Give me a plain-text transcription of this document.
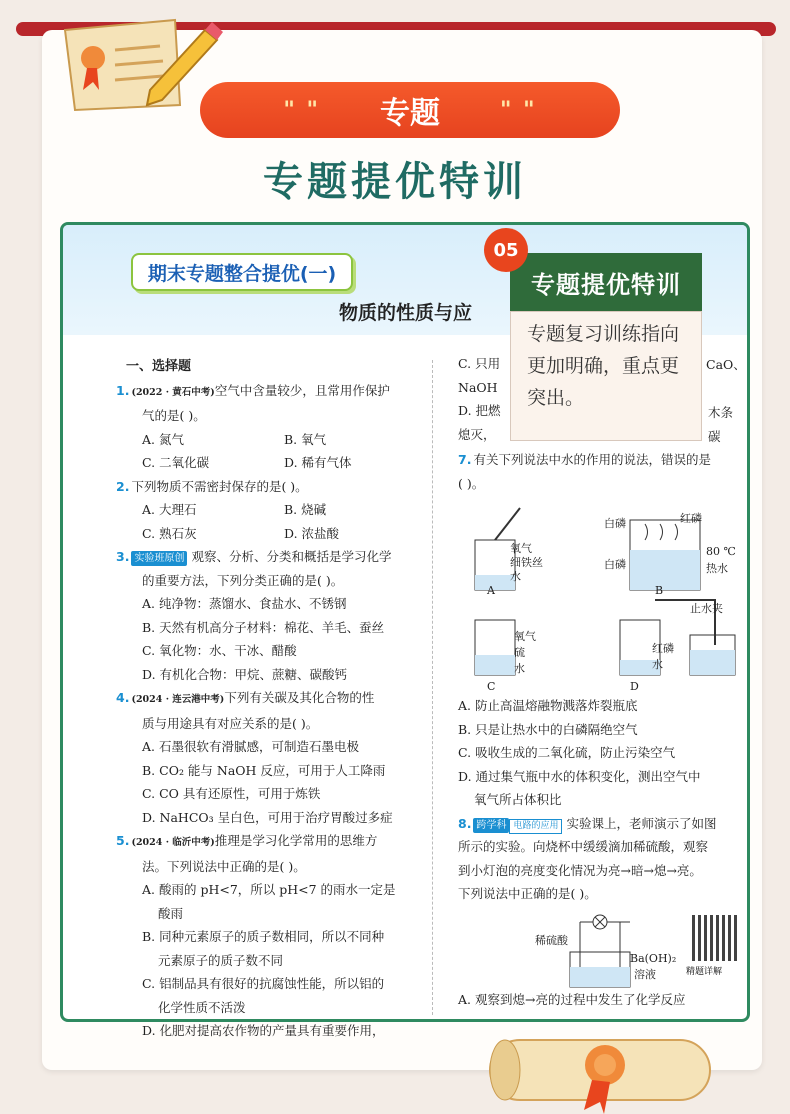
" " 专题	" "
专题提优特训
期末专题整合提优(一)
物质的性质与应
05
专题提优特训
专题复习训练指向更加明确，重点更突出。
一、选择题
1. (2022 · 黄石中考)空气中含量较少，且常用作保护
气的是( )。
A. 氮气	B. 氧气
C. 二氧化碳	D. 稀有气体
2. 下列物质不需密封保存的是( )。
A. 大理石	B. 烧碱
C. 熟石灰	D. 浓盐酸
3. 实验班原创 观察、分析、分类和概括是学习化学
的重要方法，下列分类正确的是( )。
A. 纯净物：蒸馏水、食盐水、不锈钢
B. 天然有机高分子材料：棉花、羊毛、蚕丝
C. 氧化物：水、干冰、醋酸
D. 有机化合物：甲烷、蔗糖、碳酸钙
4. (2024 · 连云港中考)下列有关碳及其化合物的性
质与用途具有对应关系的是( )。
A. 石墨很软有滑腻感，可制造石墨电极
B. CO₂ 能与 NaOH 反应，可用于人工降雨
C. CO 具有还原性，可用于炼铁
D. NaHCO₃ 呈白色，可用于治疗胃酸过多症
5. (2024 · 临沂中考)推理是学习化学常用的思维方
法。下列说法中正确的是( )。
A. 酸雨的 pH<7，所以 pH<7 的雨水一定是
酸雨
B. 同种元素原子的质子数相同，所以不同种
元素原子的质子数不同
C. 铝制品具有很好的抗腐蚀性能，所以铝的
化学性质不活泼
D. 化肥对提高农作物的产量具有重要作用，
C. 只用
NaOH
D. 把燃
熄灭，
7. 有关下列说法中水的作用的说法，错误的是
( )。
CaO、
木条
碳
氧气
细铁丝
水
A
白磷	红磷
白磷
80 ℃
热水
B
氧气
硫
水
C
止水夹
红磷
水
D
A. 防止高温熔融物溅落炸裂瓶底
B. 只是让热水中的白磷隔绝空气
C. 吸收生成的二氧化硫，防止污染空气
D. 通过集气瓶中水的体积变化，测出空气中
氧气所占体积比
8. 跨学科 电路的应用 实验课上，老师演示了如图
所示的实验。向烧杯中缓缓滴加稀硫酸，观察
到小灯泡的亮度变化情况为亮→暗→熄→亮。
下列说法中正确的是( )。
稀硫酸
Ba(OH)₂
溶液	精题详解
A. 观察到熄→亮的过程中发生了化学反应
